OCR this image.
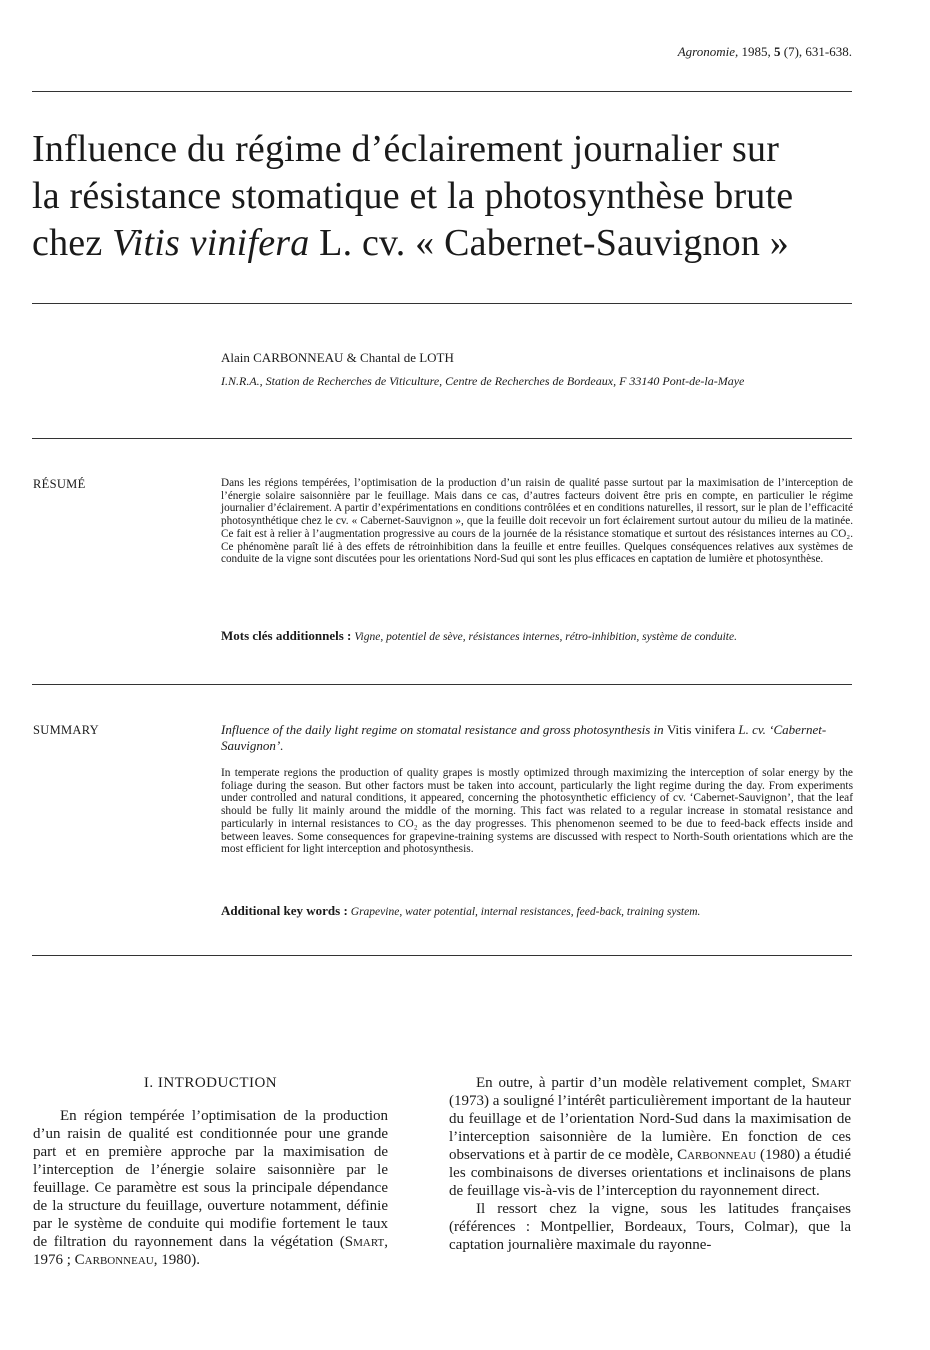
Agronomie, 1985, 5 (7), 631-638.
Influence du régime d’éclairement journalier sur
la résistance stomatique et la photosynthèse brute
chez Vitis vinifera L. cv. « Cabernet-Sauvignon »
Alain CARBONNEAU & Chantal de LOTH
I.N.R.A., Station de Recherches de Viticulture, Centre de Recherches de Bordeaux, F 33140 Pont-de-la-Maye
RÉSUMÉ	Dans les régions tempérées, l’optimisation de la production d’un raisin de qualité passe surtout par la maximisation de l’interception de l’énergie solaire saisonnière par le feuillage. Mais dans ce cas, d’autres facteurs doivent être pris en compte, en particulier le régime journalier d’éclairement. A partir d’expérimentations en conditions contrôlées et en conditions naturelles, il ressort, sur le plan de l’efficacité photosynthétique chez le cv. « Cabernet-Sauvignon », que la feuille doit recevoir un fort éclairement surtout autour du milieu de la matinée. Ce fait est à relier à l’augmentation progressive au cours de la journée de la résistance stomatique et surtout des résistances internes au CO₂. Ce phénomène paraît lié à des effets de rétroinhibition dans la feuille et entre feuilles. Quelques conséquences relatives aux systèmes de conduite de la vigne sont discutées pour les orientations Nord-Sud qui sont les plus efficaces en captation de lumière et photosynthèse.

Mots clés additionnels : Vigne, potentiel de sève, résistances internes, rétro-inhibition, système de conduite.

SUMMARY	Influence of the daily light regime on stomatal resistance and gross photosynthesis in Vitis vinifera L. cv. ‘Cabernet-Sauvignon’.

In temperate regions the production of quality grapes is mostly optimized through maximizing the interception of solar energy by the foliage during the season. But other factors must be taken into account, particularly the light regime during the day. From experiments under controlled and natural conditions, it appeared, concerning the photosynthetic efficiency of cv. ‘Cabernet-Sauvignon’, that the leaf should be fully lit mainly around the middle of the morning. This fact was related to a regular increase in stomatal resistance and particularly in internal resistances to CO₂ as the day progresses. This phenomenon seemed to be due to feed-back effects inside and between leaves. Some consequences for grapevine-training systems are discussed with respect to North-South orientations which are the most efficient for light interception and photosynthesis.

Additional key words : Grapevine, water potential, internal resistances, feed-back, training system.

I. INTRODUCTION

En région tempérée l’optimisation de la production d’un raisin de qualité est conditionnée pour une grande part et en première approche par la maximisation de l’interception de l’énergie solaire saisonnière par le feuillage. Ce paramètre est sous la principale dépendance de la structure du feuillage, ouverture notamment, définie par le système de conduite qui modifie fortement le taux de filtration du rayonnement dans la végétation (Smart, 1976 ; Carbonneau, 1980).

En outre, à partir d’un modèle relativement complet, Smart (1973) a souligné l’intérêt particulièrement important de la hauteur du feuillage et de l’orientation Nord-Sud dans la maximisation de l’interception saisonnière de la lumière. En fonction de ces observations et à partir de ce modèle, Carbonneau (1980) a étudié les combinaisons de diverses orientations et inclinaisons de plans de feuillage vis-à-vis de l’interception du rayonnement direct.

Il ressort chez la vigne, sous les latitudes françaises (références : Montpellier, Bordeaux, Tours, Colmar), que la captation journalière maximale du rayonne-
